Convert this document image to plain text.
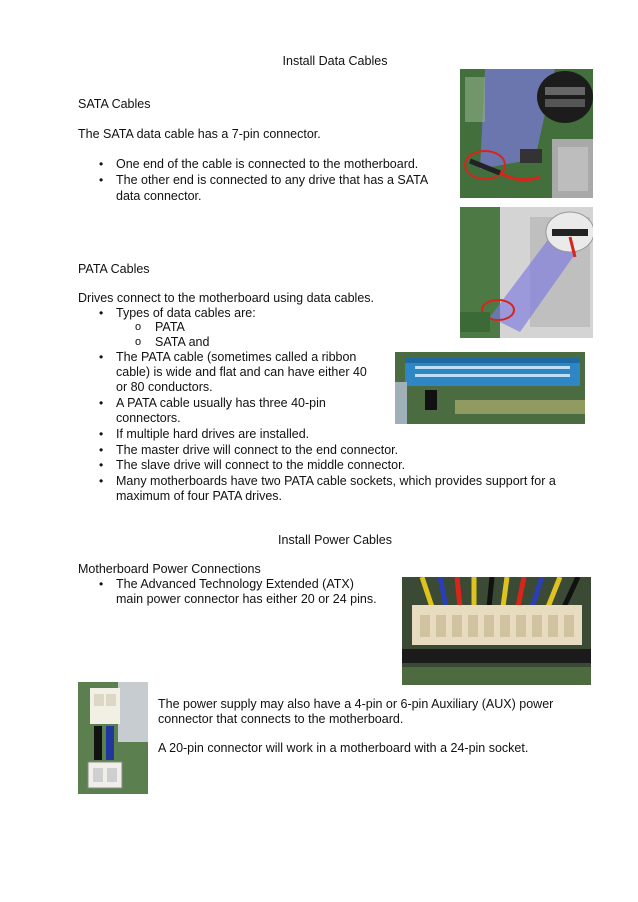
Install Data Cables
SATA Cables
The SATA data cable has a 7-pin connector.
• One end of the cable is connected to the motherboard.
• The other end is connected to any drive that has a SATA
data connector.
PATA Cables
Drives connect to the motherboard using data cables.
• Types of data cables are:
o PATA
o SATA and
• The PATA cable (sometimes called a ribbon
cable) is wide and flat and can have either 40
or 80 conductors.
• A PATA cable usually has three 40-pin
connectors.
• If multiple hard drives are installed.
• The master drive will connect to the end connector.
• The slave drive will connect to the middle connector.
• Many motherboards have two PATA cable sockets, which provides support for a
maximum of four PATA drives.
Install Power Cables
Motherboard Power Connections
• The Advanced Technology Extended (ATX)
main power connector has either 20 or 24 pins.
The power supply may also have a 4-pin or 6-pin Auxiliary (AUX) power
connector that connects to the motherboard.
A 20-pin connector will work in a motherboard with a 24-pin socket.
